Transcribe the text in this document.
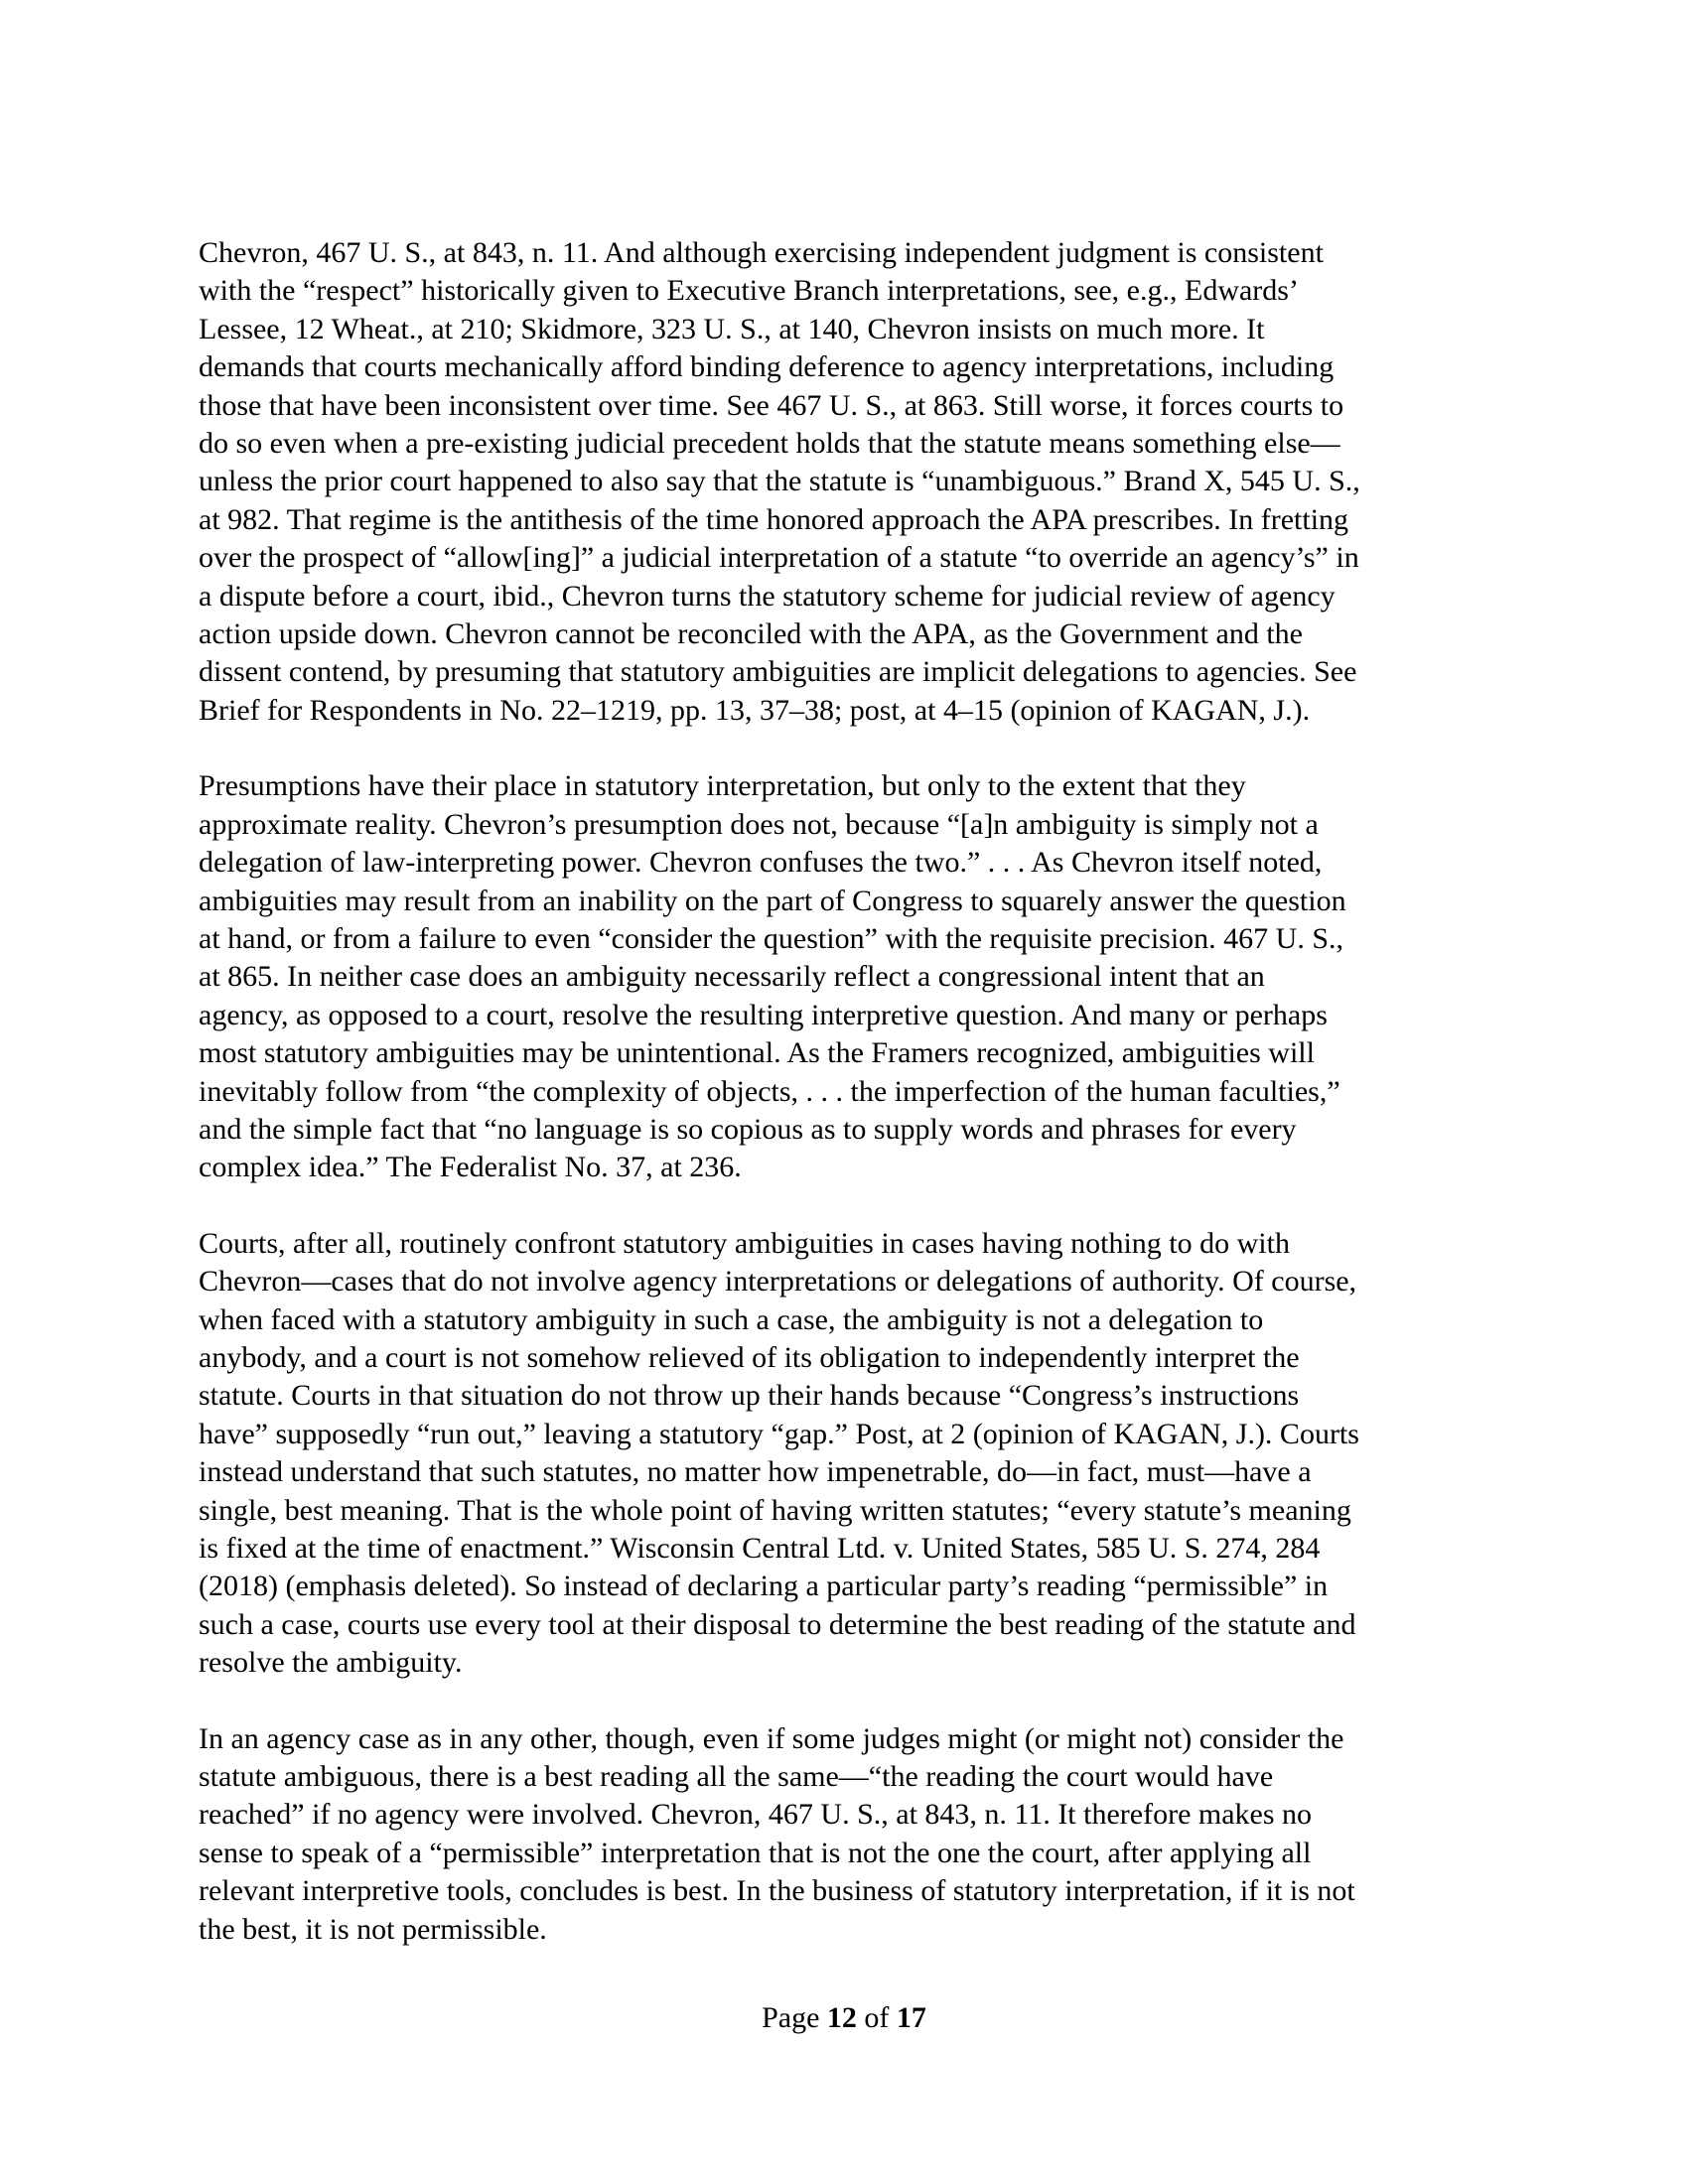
Chevron, 467 U. S., at 843, n. 11. And although exercising independent judgment is consistent
with the “respect” historically given to Executive Branch interpretations, see, e.g., Edwards’
Lessee, 12 Wheat., at 210; Skidmore, 323 U. S., at 140, Chevron insists on much more. It
demands that courts mechanically afford binding deference to agency interpretations, including
those that have been inconsistent over time. See 467 U. S., at 863. Still worse, it forces courts to
do so even when a pre-existing judicial precedent holds that the statute means something else—
unless the prior court happened to also say that the statute is “unambiguous.” Brand X, 545 U. S.,
at 982. That regime is the antithesis of the time honored approach the APA prescribes. In fretting
over the prospect of “allow[ing]” a judicial interpretation of a statute “to override an agency’s” in
a dispute before a court, ibid., Chevron turns the statutory scheme for judicial review of agency
action upside down. Chevron cannot be reconciled with the APA, as the Government and the
dissent contend, by presuming that statutory ambiguities are implicit delegations to agencies. See
Brief for Respondents in No. 22–1219, pp. 13, 37–38; post, at 4–15 (opinion of KAGAN, J.).
Presumptions have their place in statutory interpretation, but only to the extent that they
approximate reality. Chevron’s presumption does not, because “[a]n ambiguity is simply not a
delegation of law-interpreting power. Chevron confuses the two.” . . . As Chevron itself noted,
ambiguities may result from an inability on the part of Congress to squarely answer the question
at hand, or from a failure to even “consider the question” with the requisite precision. 467 U. S.,
at 865. In neither case does an ambiguity necessarily reflect a congressional intent that an
agency, as opposed to a court, resolve the resulting interpretive question. And many or perhaps
most statutory ambiguities may be unintentional. As the Framers recognized, ambiguities will
inevitably follow from “the complexity of objects, . . . the imperfection of the human faculties,”
and the simple fact that “no language is so copious as to supply words and phrases for every
complex idea.” The Federalist No. 37, at 236.
Courts, after all, routinely confront statutory ambiguities in cases having nothing to do with
Chevron—cases that do not involve agency interpretations or delegations of authority. Of course,
when faced with a statutory ambiguity in such a case, the ambiguity is not a delegation to
anybody, and a court is not somehow relieved of its obligation to independently interpret the
statute. Courts in that situation do not throw up their hands because “Congress’s instructions
have” supposedly “run out,” leaving a statutory “gap.” Post, at 2 (opinion of KAGAN, J.). Courts
instead understand that such statutes, no matter how impenetrable, do—in fact, must—have a
single, best meaning. That is the whole point of having written statutes; “every statute’s meaning
is fixed at the time of enactment.” Wisconsin Central Ltd. v. United States, 585 U. S. 274, 284
(2018) (emphasis deleted). So instead of declaring a particular party’s reading “permissible” in
such a case, courts use every tool at their disposal to determine the best reading of the statute and
resolve the ambiguity.
In an agency case as in any other, though, even if some judges might (or might not) consider the
statute ambiguous, there is a best reading all the same—“the reading the court would have
reached” if no agency were involved. Chevron, 467 U. S., at 843, n. 11. It therefore makes no
sense to speak of a “permissible” interpretation that is not the one the court, after applying all
relevant interpretive tools, concludes is best. In the business of statutory interpretation, if it is not
the best, it is not permissible.
Page 12 of 17
